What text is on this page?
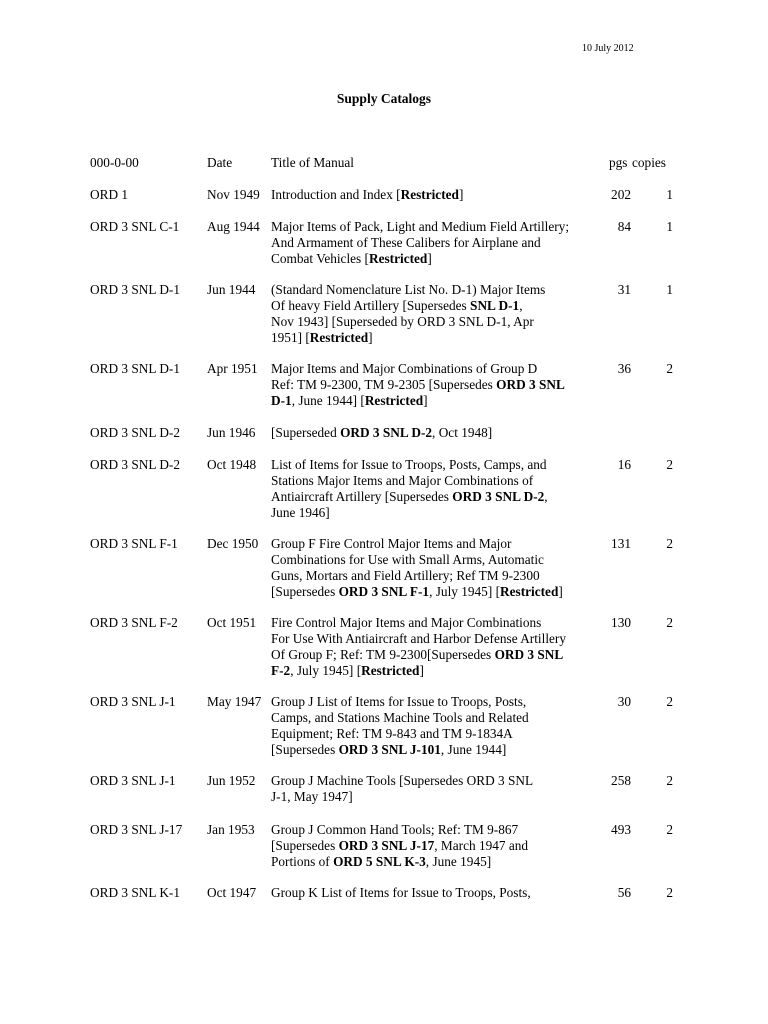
10 July 2012
Supply Catalogs
000-0-00	Date	Title of Manual	pgs copies
ORD 1	Nov 1949 Introduction and Index [Restricted]	202	1
ORD 3 SNL C-1	Aug 1944 Major Items of Pack, Light and Medium Field Artillery;
And Armament of These Calibers for Airplane and
Combat Vehicles [Restricted]
84	1
ORD 3 SNL D-1	Jun 1944	(Standard Nomenclature List No. D-1) Major Items
Of heavy Field Artillery [Supersedes SNL D-1,
Nov 1943] [Superseded by ORD 3 SNL D-1, Apr
1951] [Restricted]
31	1
ORD 3 SNL D-1	Apr 1951	Major Items and Major Combinations of Group D
Ref: TM 9-2300, TM 9-2305 [Supersedes ORD 3 SNL
D-1, June 1944] [Restricted]
36	2
ORD 3 SNL D-2	Jun 1946	[Superseded ORD 3 SNL D-2, Oct 1948]
ORD 3 SNL D-2	Oct 1948	List of Items for Issue to Troops, Posts, Camps, and
Stations Major Items and Major Combinations of
Antiaircraft Artillery [Supersedes ORD 3 SNL D-2,
June 1946]
16	2
ORD 3 SNL F-1	Dec 1950 Group F Fire Control Major Items and Major
Combinations for Use with Small Arms, Automatic
Guns, Mortars and Field Artillery; Ref TM 9-2300
[Supersedes ORD 3 SNL F-1, July 1945] [Restricted]
131	2
ORD 3 SNL F-2	Oct 1951	Fire Control Major Items and Major Combinations
For Use With Antiaircraft and Harbor Defense Artillery
Of Group F; Ref: TM 9-2300[Supersedes ORD 3 SNL
F-2, July 1945] [Restricted]
130	2
ORD 3 SNL J-1	May 1947 Group J List of Items for Issue to Troops, Posts,
Camps, and Stations Machine Tools and Related
Equipment; Ref: TM 9-843 and TM 9-1834A
[Supersedes ORD 3 SNL J-101, June 1944]
30	2
ORD 3 SNL J-1	Jun 1952	Group J Machine Tools [Supersedes ORD 3 SNL
J-1, May 1947]
258	2
ORD 3 SNL J-17	Jan 1953	Group J Common Hand Tools; Ref: TM 9-867
[Supersedes ORD 3 SNL J-17, March 1947 and
Portions of ORD 5 SNL K-3, June 1945]
493	2
ORD 3 SNL K-1	Oct 1947	Group K List of Items for Issue to Troops, Posts,	56	2
